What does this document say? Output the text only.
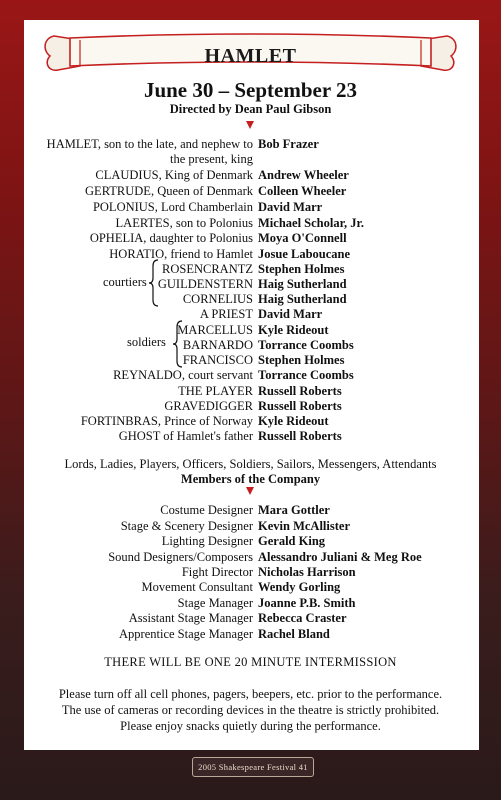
HAMLET
June 30 – September 23
Directed by Dean Paul Gibson
HAMLET, son to the late, and nephew to Bob Frazer
the present, king
CLAUDIUS, King of Denmark Andrew Wheeler
GERTRUDE, Queen of Denmark Colleen Wheeler
POLONIUS, Lord Chamberlain David Marr
LAERTES, son to Polonius Michael Scholar, Jr.
OPHELIA, daughter to Polonius Moya O'Connell
HORATIO, friend to Hamlet Josue Laboucane
ROSENCRANTZ Stephen Holmes
GUILDENSTERN Haig Sutherland
CORNELIUS Haig Sutherland
A PRIEST David Marr
MARCELLUS Kyle Rideout
BARNARDO Torrance Coombs
FRANCISCO Stephen Holmes
REYNALDO, court servant Torrance Coombs
THE PLAYER Russell Roberts
GRAVEDIGGER Russell Roberts
FORTINBRAS, Prince of Norway Kyle Rideout
GHOST of Hamlet's father Russell Roberts
courtiers
soldiers
Lords, Ladies, Players, Officers, Soldiers, Sailors, Messengers, Attendants
Members of the Company
Costume Designer Mara Gottler
Stage & Scenery Designer Kevin McAllister
Lighting Designer Gerald King
Sound Designers/Composers Alessandro Juliani & Meg Roe
Fight Director Nicholas Harrison
Movement Consultant Wendy Gorling
Stage Manager Joanne P.B. Smith
Assistant Stage Manager Rebecca Craster
Apprentice Stage Manager Rachel Bland
THERE WILL BE ONE 20 MINUTE INTERMISSION
Please turn off all cell phones, pagers, beepers, etc. prior to the performance.
The use of cameras or recording devices in the theatre is strictly prohibited.
Please enjoy snacks quietly during the performance.
2005 Shakespeare Festival 41
